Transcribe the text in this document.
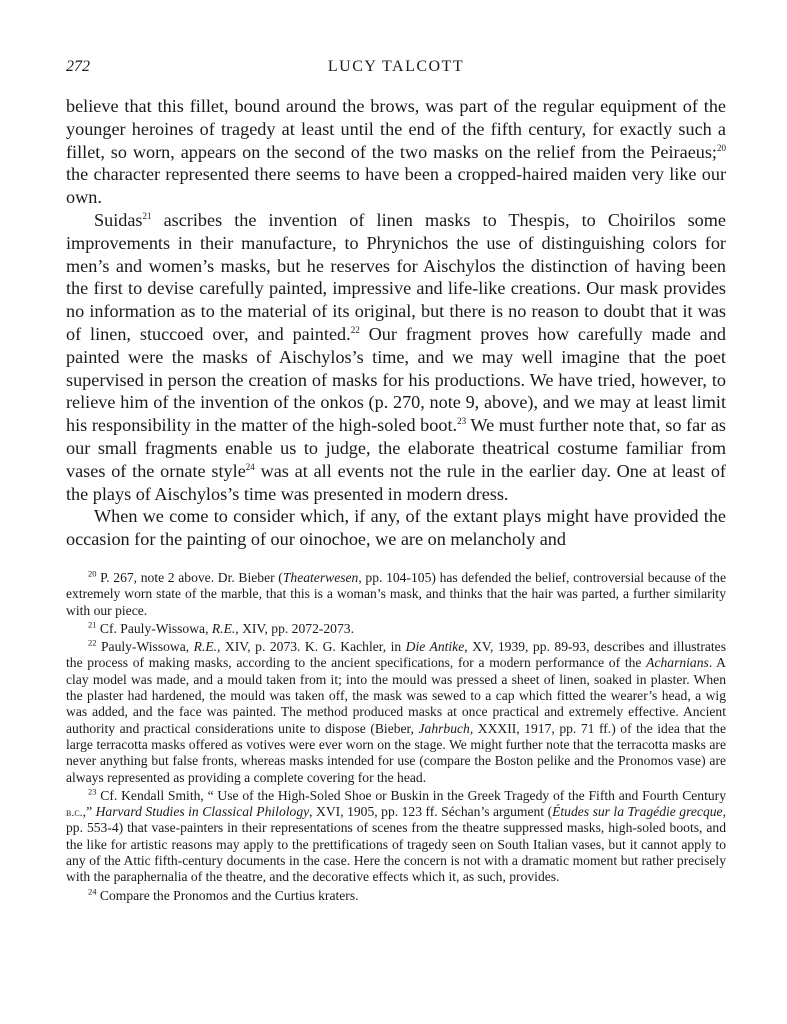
272	LUCY TALCOTT

believe that this fillet, bound around the brows, was part of the regular equipment of the younger heroines of tragedy at least until the end of the fifth century, for exactly such a fillet, so worn, appears on the second of the two masks on the relief from the Peiraeus;$^{20}$ the character represented there seems to have been a cropped-haired maiden very like our own.

Suidas$^{21}$ ascribes the invention of linen masks to Thespis, to Choirilos some improvements in their manufacture, to Phrynichos the use of distinguishing colors for men’s and women’s masks, but he reserves for Aischylos the distinction of having been the first to devise carefully painted, impressive and life-like creations. Our mask provides no information as to the material of its original, but there is no reason to doubt that it was of linen, stuccoed over, and painted.$^{22}$ Our fragment proves how carefully made and painted were the masks of Aischylos’s time, and we may well imagine that the poet supervised in person the creation of masks for his productions. We have tried, however, to relieve him of the invention of the onkos (p. 270, note 9, above), and we may at least limit his responsibility in the matter of the high-soled boot.$^{23}$ We must further note that, so far as our small fragments enable us to judge, the elaborate theatrical costume familiar from vases of the ornate style$^{24}$ was at all events not the rule in the earlier day. One at least of the plays of Aischylos’s time was presented in modern dress.

When we come to consider which, if any, of the extant plays might have provided the occasion for the painting of our oinochoe, we are on melancholy and

$^{20}$ P. 267, note 2 above. Dr. Bieber (Theaterwesen, pp. 104-105) has defended the belief, controversial because of the extremely worn state of the marble, that this is a woman’s mask, and thinks that the hair was parted, a further similarity with our piece.

$^{21}$ Cf. Pauly-Wissowa, R.E., XIV, pp. 2072-2073.

$^{22}$ Pauly-Wissowa, R.E., XIV, p. 2073. K. G. Kachler, in Die Antike, XV, 1939, pp. 89-93, describes and illustrates the process of making masks, according to the ancient specifications, for a modern performance of the Acharnians. A clay model was made, and a mould taken from it; into the mould was pressed a sheet of linen, soaked in plaster. When the plaster had hardened, the mould was taken off, the mask was sewed to a cap which fitted the wearer’s head, a wig was added, and the face was painted. The method produced masks at once practical and extremely effective. Ancient authority and practical considerations unite to dispose (Bieber, Jahrbuch, XXXII, 1917, pp. 71 ff.) of the idea that the large terracotta masks offered as votives were ever worn on the stage. We might further note that the terracotta masks are never anything but false fronts, whereas masks intended for use (compare the Boston pelike and the Pronomos vase) are always represented as providing a complete covering for the head.

$^{23}$ Cf. Kendall Smith, “ Use of the High-Soled Shoe or Buskin in the Greek Tragedy of the Fifth and Fourth Century b.c.,” Harvard Studies in Classical Philology, XVI, 1905, pp. 123 ff. Séchan’s argument (Études sur la Tragédie grecque, pp. 553-4) that vase-painters in their representations of scenes from the theatre suppressed masks, high-soled boots, and the like for artistic reasons may apply to the prettifications of tragedy seen on South Italian vases, but it cannot apply to any of the Attic fifth-century documents in the case. Here the concern is not with a dramatic moment but rather precisely with the paraphernalia of the theatre, and the decorative effects which it, as such, provides.

$^{24}$ Compare the Pronomos and the Curtius kraters.
